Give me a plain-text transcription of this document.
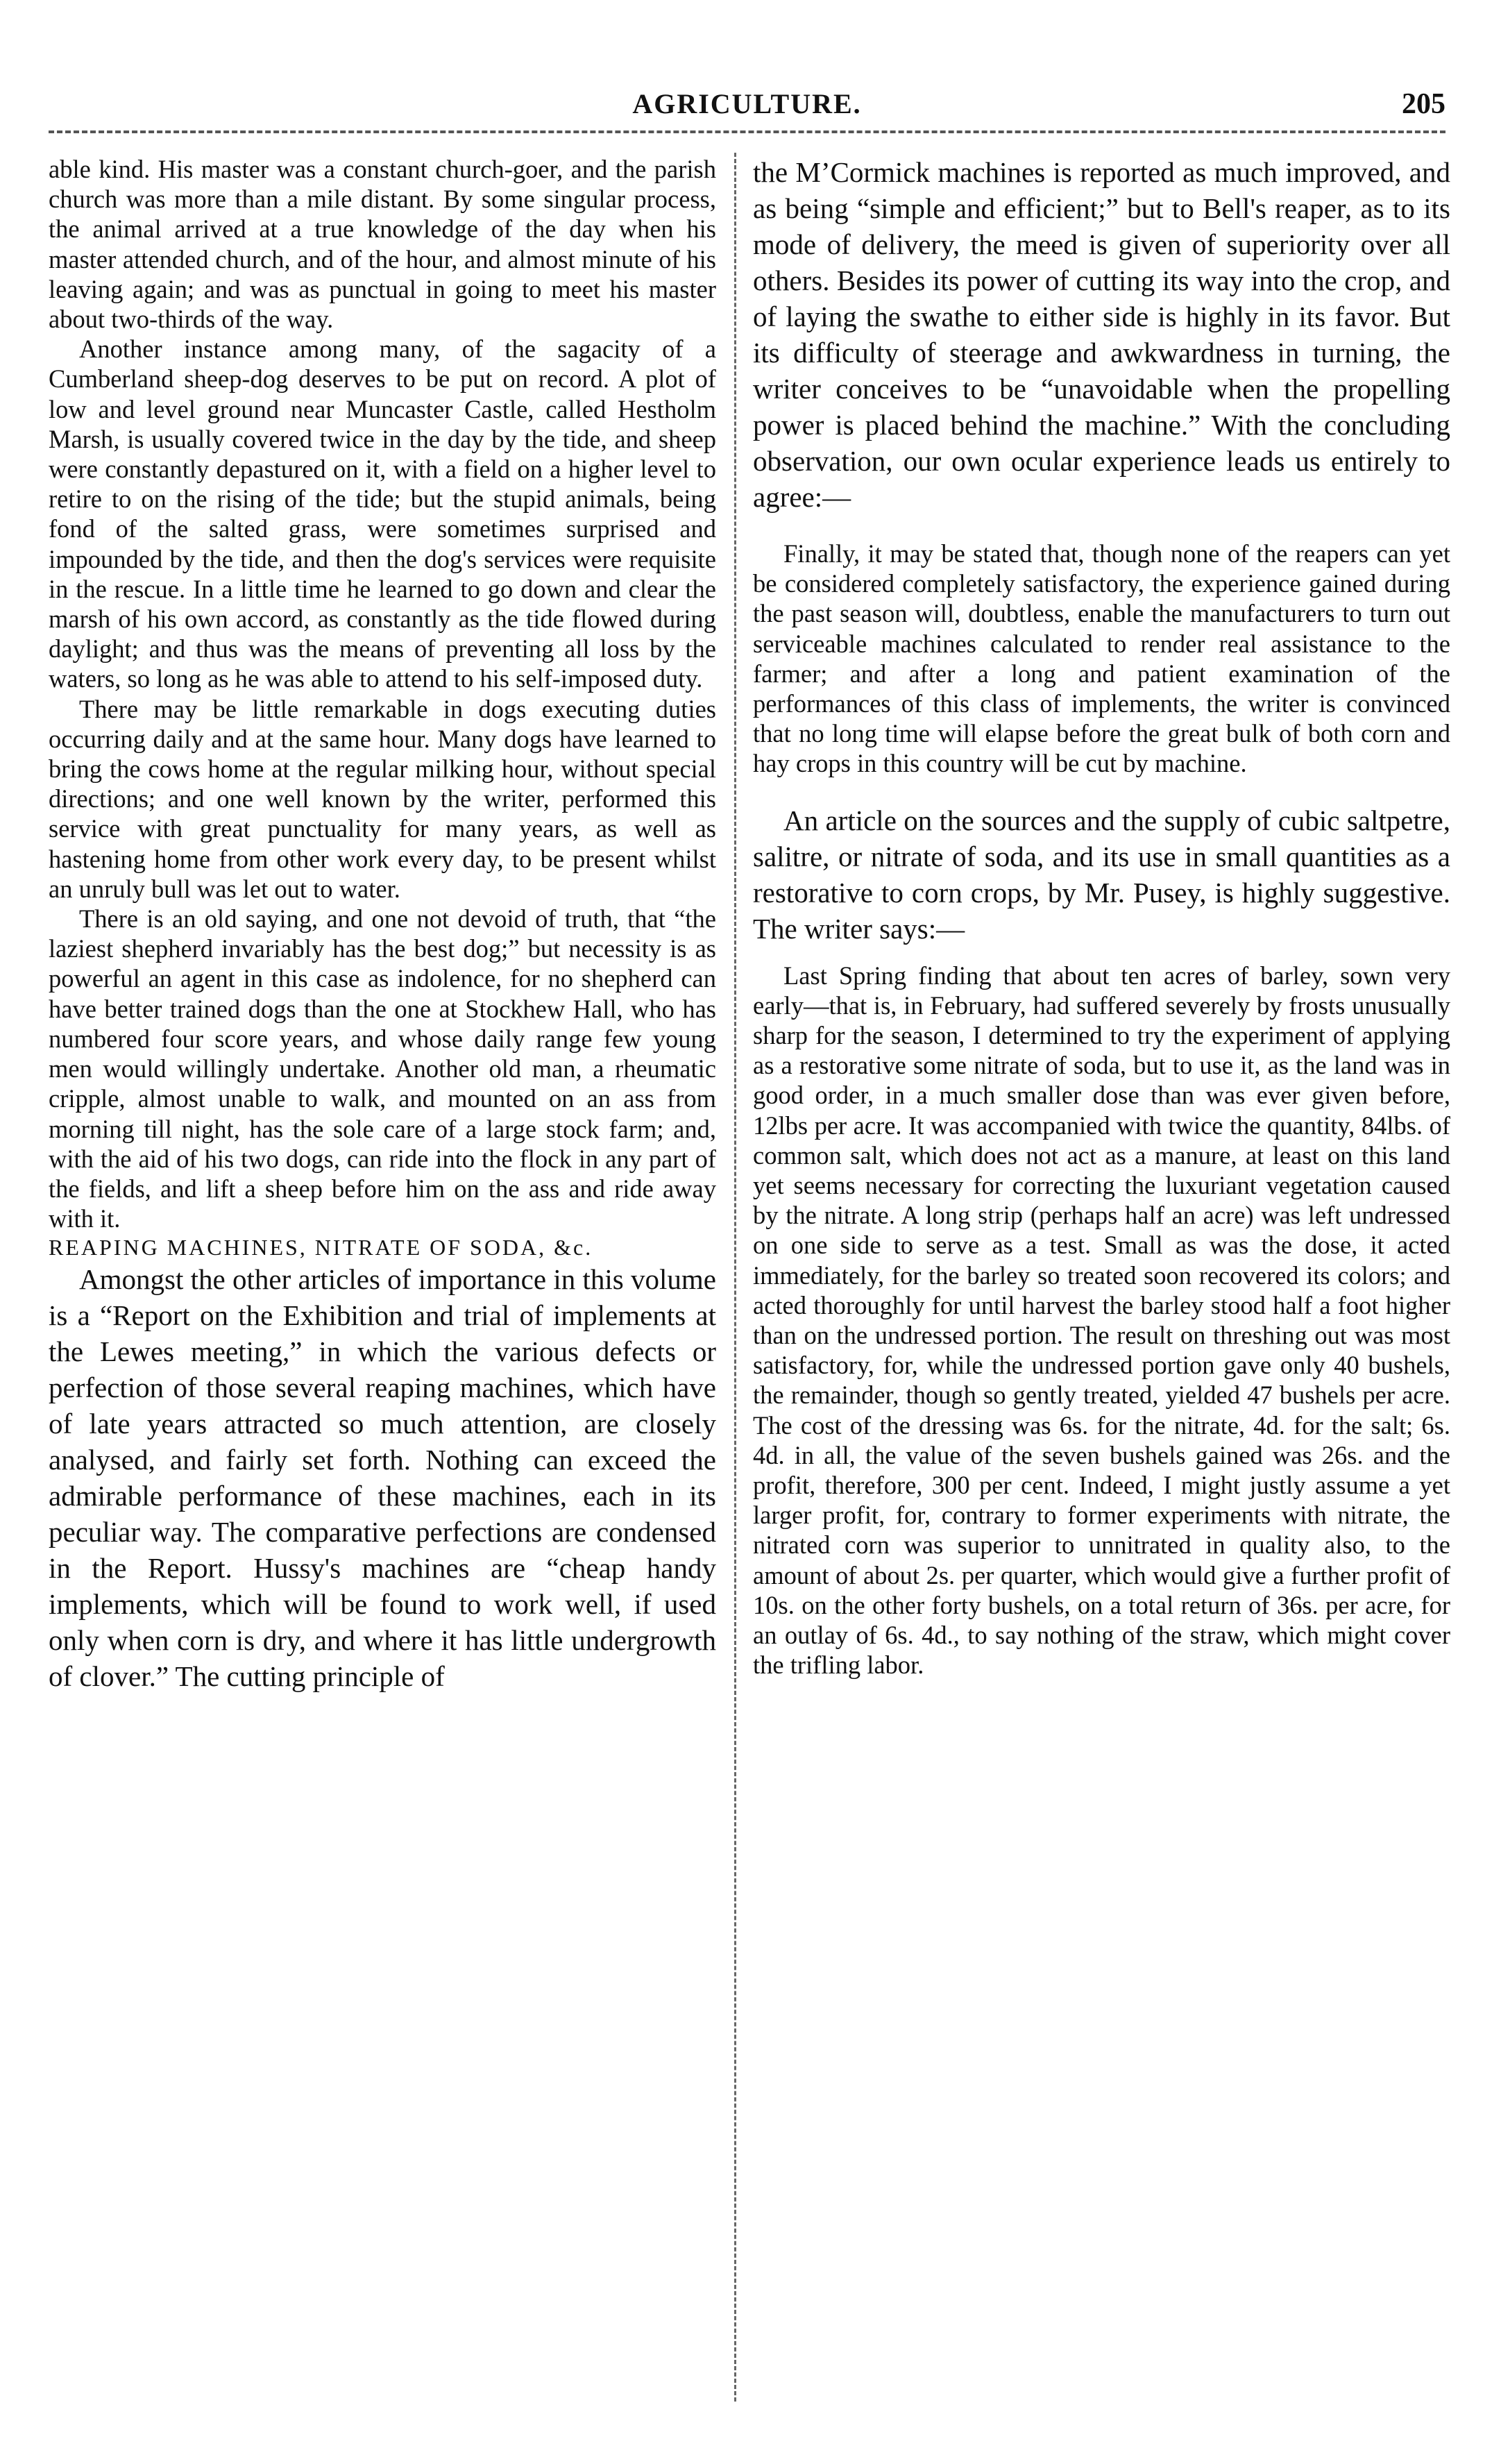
AGRICULTURE.	205

able kind. His master was a constant church-goer, and the parish church was more than a mile distant. By some singular process, the animal arrived at a true knowledge of the day when his master attended church, and of the hour, and almost minute of his leaving again; and was as punctual in going to meet his master about two-thirds of the way.

Another instance among many, of the sagacity of a Cumberland sheep-dog deserves to be put on record. A plot of low and level ground near Muncaster Castle, called Hestholm Marsh, is usually covered twice in the day by the tide, and sheep were constantly depastured on it, with a field on a higher level to retire to on the rising of the tide; but the stupid animals, being fond of the salted grass, were sometimes surprised and impounded by the tide, and then the dog's services were requisite in the rescue. In a little time he learned to go down and clear the marsh of his own accord, as constantly as the tide flowed during daylight; and thus was the means of preventing all loss by the waters, so long as he was able to attend to his self-imposed duty.

There may be little remarkable in dogs executing duties occurring daily and at the same hour. Many dogs have learned to bring the cows home at the regular milking hour, without special directions; and one well known by the writer, performed this service with great punctuality for many years, as well as hastening home from other work every day, to be present whilst an unruly bull was let out to water.

There is an old saying, and one not devoid of truth, that “the laziest shepherd invariably has the best dog;” but necessity is as powerful an agent in this case as indolence, for no shepherd can have better trained dogs than the one at Stockhew Hall, who has numbered four score years, and whose daily range few young men would willingly undertake. Another old man, a rheumatic cripple, almost unable to walk, and mounted on an ass from morning till night, has the sole care of a large stock farm; and, with the aid of his two dogs, can ride into the flock in any part of the fields, and lift a sheep before him on the ass and ride away with it.

REAPING MACHINES, NITRATE OF SODA, &c.

Amongst the other articles of importance in this volume is a “Report on the Exhibition and trial of implements at the Lewes meeting,” in which the various defects or perfection of those several reaping machines, which have of late years attracted so much attention, are closely analysed, and fairly set forth. Nothing can exceed the admirable performance of these machines, each in its peculiar way. The comparative perfections are condensed in the Report. Hussy's machines are “cheap handy implements, which will be found to work well, if used only when corn is dry, and where it has little undergrowth of clover.” The cutting principle of

the M’Cormick machines is reported as much improved, and as being “simple and efficient;” but to Bell's reaper, as to its mode of delivery, the meed is given of superiority over all others. Besides its power of cutting its way into the crop, and of laying the swathe to either side is highly in its favor. But its difficulty of steerage and awkwardness in turning, the writer conceives to be “unavoidable when the propelling power is placed behind the machine.” With the concluding observation, our own ocular experience leads us entirely to agree:—

Finally, it may be stated that, though none of the reapers can yet be considered completely satisfactory, the experience gained during the past season will, doubtless, enable the manufacturers to turn out serviceable machines calculated to render real assistance to the farmer; and after a long and patient examination of the performances of this class of implements, the writer is convinced that no long time will elapse before the great bulk of both corn and hay crops in this country will be cut by machine.

An article on the sources and the supply of cubic saltpetre, salitre, or nitrate of soda, and its use in small quantities as a restorative to corn crops, by Mr. Pusey, is highly suggestive. The writer says:—

Last Spring finding that about ten acres of barley, sown very early—that is, in February, had suffered severely by frosts unusually sharp for the season, I determined to try the experiment of applying as a restorative some nitrate of soda, but to use it, as the land was in good order, in a much smaller dose than was ever given before, 12lbs per acre. It was accompanied with twice the quantity, 84lbs. of common salt, which does not act as a manure, at least on this land yet seems necessary for correcting the luxuriant vegetation caused by the nitrate. A long strip (perhaps half an acre) was left undressed on one side to serve as a test. Small as was the dose, it acted immediately, for the barley so treated soon recovered its colors; and acted thoroughly for until harvest the barley stood half a foot higher than on the undressed portion. The result on threshing out was most satisfactory, for, while the undressed portion gave only 40 bushels, the remainder, though so gently treated, yielded 47 bushels per acre. The cost of the dressing was 6s. for the nitrate, 4d. for the salt; 6s. 4d. in all, the value of the seven bushels gained was 26s. and the profit, therefore, 300 per cent. Indeed, I might justly assume a yet larger profit, for, contrary to former experiments with nitrate, the nitrated corn was superior to unnitrated in quality also, to the amount of about 2s. per quarter, which would give a further profit of 10s. on the other forty bushels, on a total return of 36s. per acre, for an outlay of 6s. 4d., to say nothing of the straw, which might cover the trifling labor.
